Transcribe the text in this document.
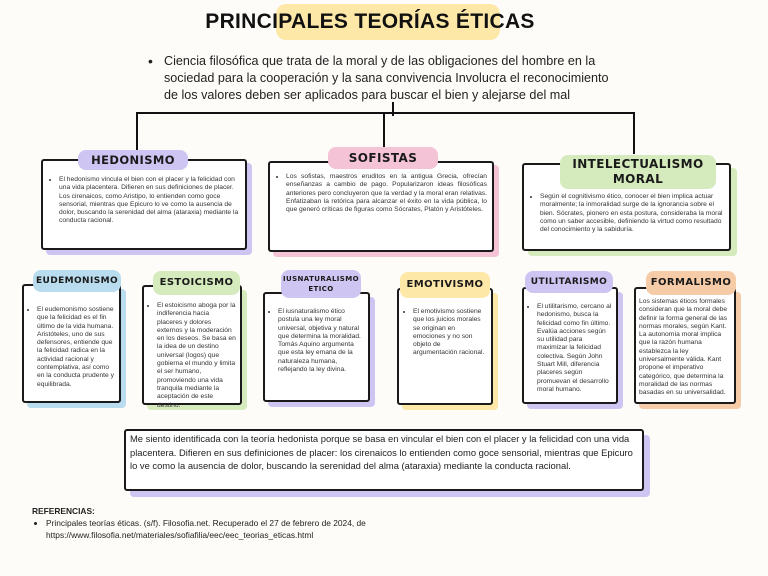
PRINCIPALES TEORÍAS ÉTICAS
• Ciencia filosófica que trata de la moral y de las obligaciones del hombre en la sociedad para la cooperación y la sana convivencia Involucra el reconocimiento de los valores deben ser aplicados para buscar el bien y alejarse del mal
• El hedonismo vincula el bien con el placer y la felicidad con una vida placentera. Difieren en sus definiciones de placer. Los cirenaicos, como Aristipo, lo entienden como goce sensorial, mientras que Epicuro lo ve como la ausencia de dolor, buscando la serenidad del alma (ataraxia) mediante la conducta racional.
HEDONISMO
• Los sofistas, maestros eruditos en la antigua Grecia, ofrecían enseñanzas a cambio de pago. Popularizaron ideas filosóficas anteriores pero concluyeron que la verdad y la moral eran relativas. Enfatizaban la retórica para alcanzar el éxito en la vida pública, lo que generó críticas de figuras como Sócrates, Platón y Aristóteles.
SOFISTAS
• Según el cognitivismo ético, conocer el bien implica actuar moralmente; la inmoralidad surge de la ignorancia sobre el bien. Sócrates, pionero en esta postura, consideraba la moral como un saber accesible, definiendo la virtud como resultado del conocimiento y la sabiduría.
INTELECTUALISMO MORAL
• El eudemonismo sostiene que la felicidad es el fin último de la vida humana. Aristóteles, uno de sus defensores, entiende que la felicidad radica en la actividad racional y contemplativa, así como en la conducta prudente y equilibrada.
EUDEMONISMO
• El estoicismo aboga por la indiferencia hacia placeres y dolores externos y la moderación en los deseos. Se basa en la idea de un destino universal (logos) que gobierna el mundo y limita el ser humano, promoviendo una vida tranquila mediante la aceptación de este destino.
ESTOICISMO
• El iusnaturalismo ético postula una ley moral universal, objetiva y natural que determina la moralidad. Tomás Aquino argumenta que esta ley emana de la naturaleza humana, reflejando la ley divina.
IUSNATURALISMO ETICO
• El emotivismo sostiene que los juicios morales se originan en emociones y no son objeto de argumentación racional.
EMOTIVISMO
• El utilitarismo, cercano al hedonismo, busca la felicidad como fin último. Evalúa acciones según su utilidad para maximizar la felicidad colectiva. Según John Stuart Mill, diferencia placeres según promuevan el desarrollo moral humano.
UTILITARISMO
Los sistemas éticos formales consideran que la moral debe definir la forma general de las normas morales, según Kant. La autonomía moral implica que la razón humana establezca la ley universalmente válida. Kant propone el imperativo categórico, que determina la moralidad de las normas basadas en su universalidad.
FORMALISMO
Me siento identificada con la teoría hedonista porque se basa en vincular el bien con el placer y la felicidad con una vida placentera. Difieren en sus definiciones de placer: los cirenaicos lo entienden como goce sensorial, mientras que Epicuro lo ve como la ausencia de dolor, buscando la serenidad del alma (ataraxia) mediante la conducta racional.
REFERENCIAS:
• Principales teorías éticas. (s/f). Filosofia.net. Recuperado el 27 de febrero de 2024, de https://www.filosofia.net/materiales/sofiafilia/eec/eec_teorias_eticas.html
